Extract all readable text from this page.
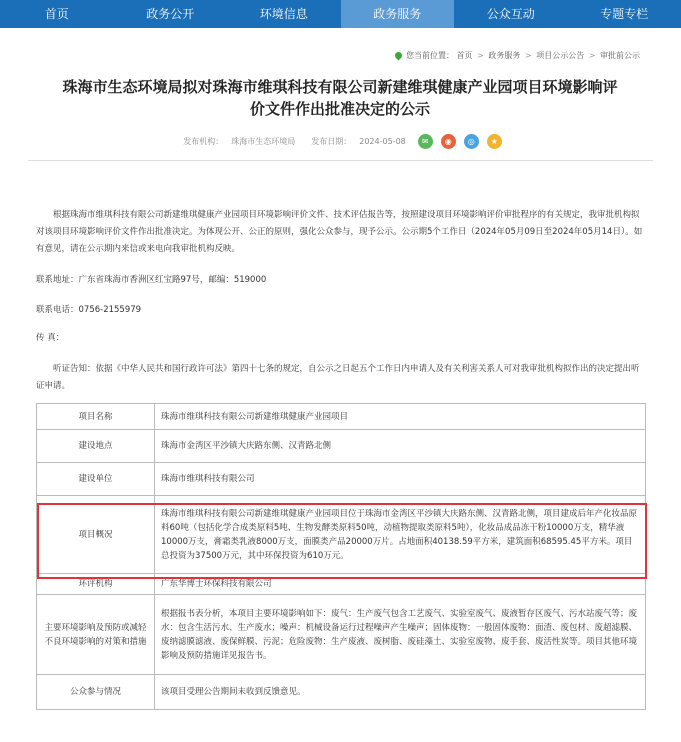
首页	政务公开	环境信息	政务服务	公众互动	专题专栏
您当前位置： 首页 > 政务服务 > 项目公示公告 > 审批前公示
珠海市生态环境局拟对珠海市维琪科技有限公司新建维琪健康产业园项目环境影响评价文件作出批准决定的公示
发布机构： 珠海市生态环境局	发布日期： 2024-05-08	✉	◉	◎	★

根据珠海市维琪科技有限公司新建维琪健康产业园项目环境影响评价文件、技术评估报告等，按照建设项目环境影响评价审批程序的有关规定，我审批机构拟对该项目环境影响评价文件作出批准决定。为体现公开、公正的原则，强化公众参与，现予公示。公示期5个工作日（2024年05月09日至2024年05月14日）。如有意见，请在公示期内来信或来电向我审批机构反映。

联系地址：广东省珠海市香洲区红宝路97号，邮编：519000

联系电话：0756-2155979

传 真：

听证告知：依据《中华人民共和国行政许可法》第四十七条的规定，自公示之日起五个工作日内申请人及有关利害关系人可对我审批机构拟作出的决定提出听证申请。

项目名称	珠海市维琪科技有限公司新建维琪健康产业园项目
建设地点	珠海市金湾区平沙镇大庆路东侧、汉青路北侧
建设单位	珠海市维琪科技有限公司
项目概况	珠海市维琪科技有限公司新建维琪健康产业园项目位于珠海市金湾区平沙镇大庆路东侧、汉青路北侧，项目建成后年产化妆品原料60吨（包括化学合成类原料5吨、生物发酵类原料50吨，动植物提取类原料5吨），化妆品成品冻干粉10000万支，精华液10000万支，膏霜类乳液8000万支，面膜类产品20000万片。占地面积40138.59平方米，建筑面积68595.45平方米。项目总投资为37500万元，其中环保投资为610万元。
环评机构	广东华博士环保科技有限公司
主要环境影响及预防或减轻不良环境影响的对策和措施	根据报书表分析，本项目主要环境影响如下：废气：生产废气包含工艺废气、实验室废气、废液暂存区废气、污水站废气等；废水：包含生活污水、生产废水；噪声：机械设备运行过程噪声产生噪声；固体废物：一般固体废物：面渣、废包材、废超滤膜、废纳滤膜滤液、废保鲜膜、污泥；危险废物：生产废液、废树脂、废硅藻土、实验室废物、废手套、废活性炭等。项目其他环境影响及预防措施详见报告书。
公众参与情况	该项目受理公告期间未收到反馈意见。
